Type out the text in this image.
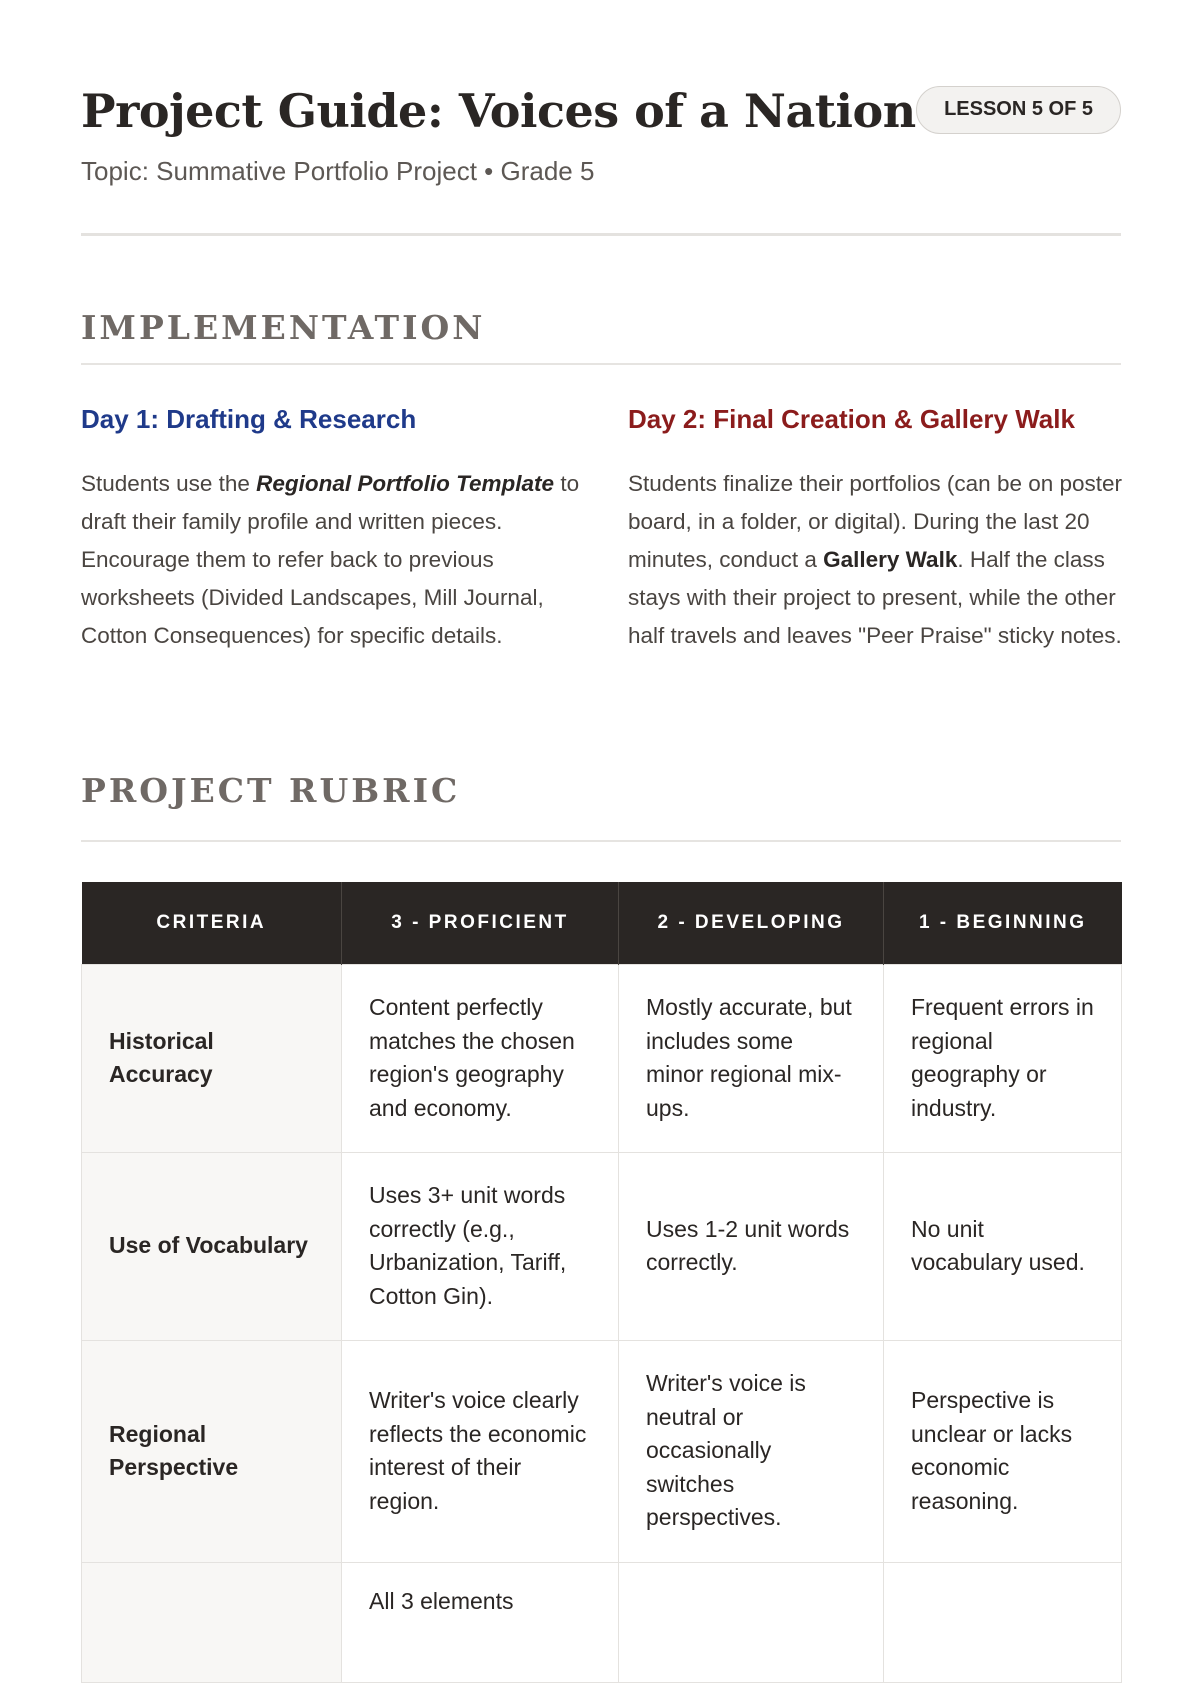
Project Guide: Voices of a Nation	LESSON 5 OF 5
Topic: Summative Portfolio Project • Grade 5
IMPLEMENTATION
Day 1: Drafting & Research

Students use the Regional Portfolio Template to draft their family profile and written pieces. Encourage them to refer back to previous worksheets (Divided Landscapes, Mill Journal, Cotton Consequences) for specific details.

Day 2: Final Creation & Gallery Walk

Students finalize their portfolios (can be on poster board, in a folder, or digital). During the last 20 minutes, conduct a Gallery Walk. Half the class stays with their project to present, while the other half travels and leaves "Peer Praise" sticky notes.

PROJECT RUBRIC
CRITERIA	3 - PROFICIENT	2 - DEVELOPING	1 - BEGINNING
Historical Accuracy	Content perfectly matches the chosen region's geography and economy.	Mostly accurate, but includes some minor regional mix-ups.	Frequent errors in regional geography or industry.
Use of Vocabulary	Uses 3+ unit words correctly (e.g., Urbanization, Tariff, Cotton Gin).	Uses 1-2 unit words correctly.	No unit vocabulary used.
Regional Perspective	Writer's voice clearly reflects the economic interest of their region.	Writer's voice is neutral or occasionally switches perspectives.	Perspective is unclear or lacks economic reasoning.
	All 3 elements		
